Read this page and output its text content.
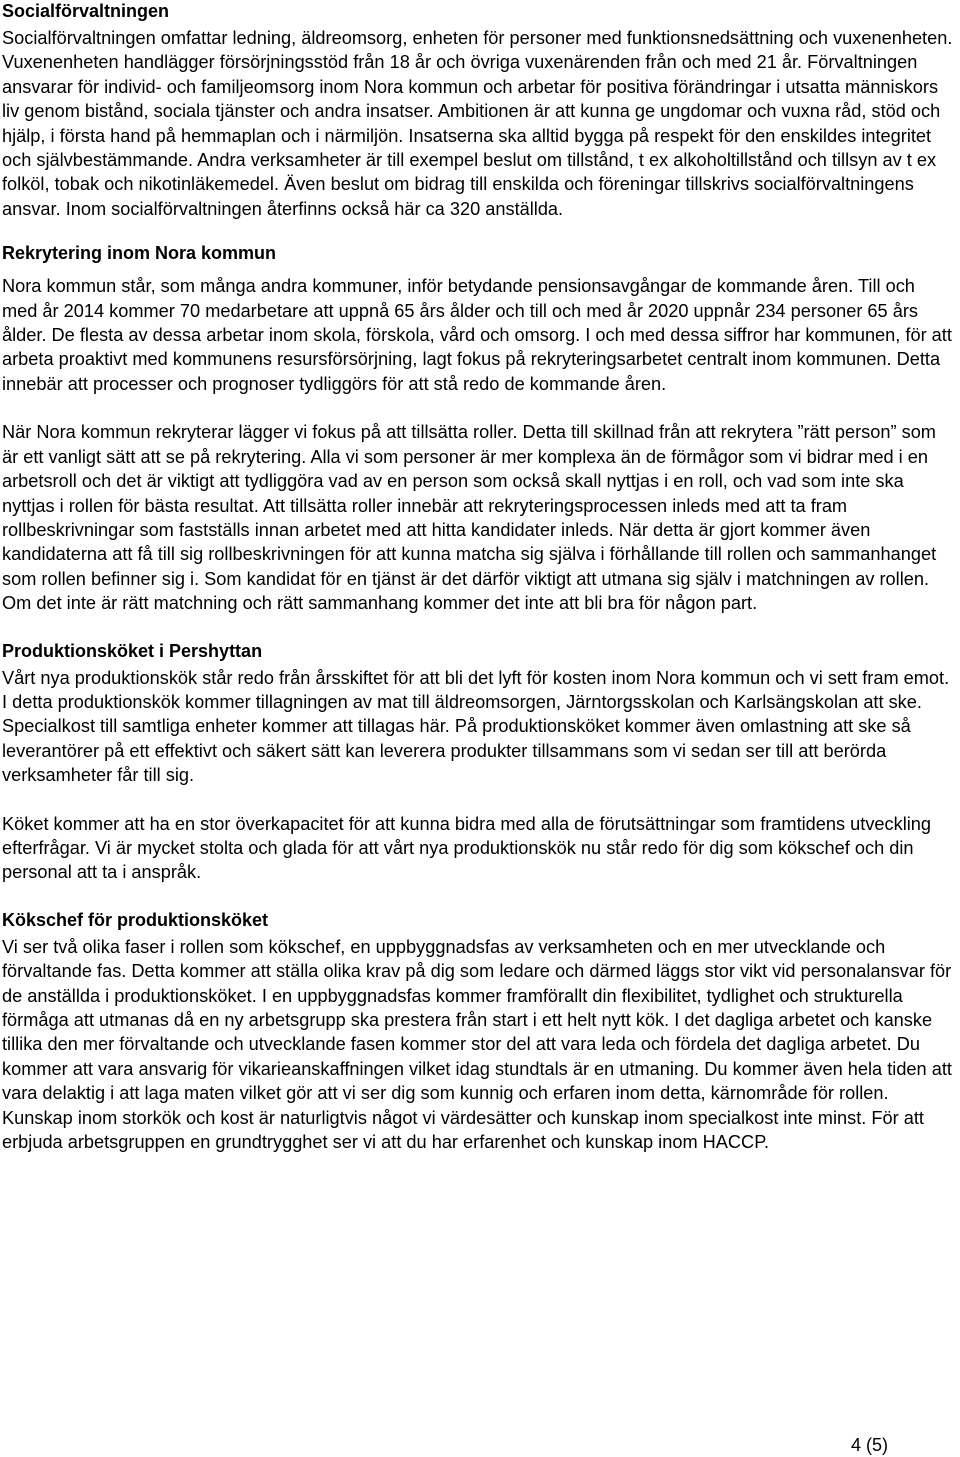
Socialförvaltningen

Socialförvaltningen omfattar ledning, äldreomsorg, enheten för personer med funktionsnedsättning och vuxenenheten. Vuxenenheten handlägger försörjningsstöd från 18 år och övriga vuxenärenden från och med 21 år. Förvaltningen ansvarar för individ- och familjeomsorg inom Nora kommun och arbetar för positiva förändringar i utsatta människors liv genom bistånd, sociala tjänster och andra insatser. Ambitionen är att kunna ge ungdomar och vuxna råd, stöd och hjälp, i första hand på hemmaplan och i närmiljön. Insatserna ska alltid bygga på respekt för den enskildes integritet och självbestämmande. Andra verksamheter är till exempel beslut om tillstånd, t ex alkoholtillstånd och tillsyn av t ex folköl, tobak och nikotinläkemedel. Även beslut om bidrag till enskilda och föreningar tillskrivs socialförvaltningens ansvar. Inom socialförvaltningen återfinns också här ca 320 anställda.

Rekrytering inom Nora kommun

Nora kommun står, som många andra kommuner, inför betydande pensionsavgångar de kommande åren. Till och med år 2014 kommer 70 medarbetare att uppnå 65 års ålder och till och med år 2020 uppnår 234 personer 65 års ålder. De flesta av dessa arbetar inom skola, förskola, vård och omsorg. I och med dessa siffror har kommunen, för att arbeta proaktivt med kommunens resursförsörjning, lagt fokus på rekryteringsarbetet centralt inom kommunen. Detta innebär att processer och prognoser tydliggörs för att stå redo de kommande åren.

När Nora kommun rekryterar lägger vi fokus på att tillsätta roller. Detta till skillnad från att rekrytera ”rätt person” som är ett vanligt sätt att se på rekrytering. Alla vi som personer är mer komplexa än de förmågor som vi bidrar med i en arbetsroll och det är viktigt att tydliggöra vad av en person som också skall nyttjas i en roll, och vad som inte ska nyttjas i rollen för bästa resultat. Att tillsätta roller innebär att rekryteringsprocessen inleds med att ta fram rollbeskrivningar som fastställs innan arbetet med att hitta kandidater inleds. När detta är gjort kommer även kandidaterna att få till sig rollbeskrivningen för att kunna matcha sig själva i förhållande till rollen och sammanhanget som rollen befinner sig i. Som kandidat för en tjänst är det därför viktigt att utmana sig själv i matchningen av rollen. Om det inte är rätt matchning och rätt sammanhang kommer det inte att bli bra för någon part.

Produktionsköket i Pershyttan

Vårt nya produktionskök står redo från årsskiftet för att bli det lyft för kosten inom Nora kommun och vi sett fram emot. I detta produktionskök kommer tillagningen av mat till äldreomsorgen, Järntorgsskolan och Karlsängskolan att ske. Specialkost till samtliga enheter kommer att tillagas här. På produktionsköket kommer även omlastning att ske så leverantörer på ett effektivt och säkert sätt kan leverera produkter tillsammans som vi sedan ser till att berörda verksamheter får till sig.

Köket kommer att ha en stor överkapacitet för att kunna bidra med alla de förutsättningar som framtidens utveckling efterfrågar. Vi är mycket stolta och glada för att vårt nya produktionskök nu står redo för dig som kökschef och din personal att ta i anspråk.

Kökschef för produktionsköket

Vi ser två olika faser i rollen som kökschef, en uppbyggnadsfas av verksamheten och en mer utvecklande och förvaltande fas. Detta kommer att ställa olika krav på dig som ledare och därmed läggs stor vikt vid personalansvar för de anställda i produktionsköket. I en uppbyggnadsfas kommer framförallt din flexibilitet, tydlighet och strukturella förmåga att utmanas då en ny arbetsgrupp ska prestera från start i ett helt nytt kök. I det dagliga arbetet och kanske tillika den mer förvaltande och utvecklande fasen kommer stor del att vara leda och fördela det dagliga arbetet. Du kommer att vara ansvarig för vikarieanskaffningen vilket idag stundtals är en utmaning. Du kommer även hela tiden att vara delaktig i att laga maten vilket gör att vi ser dig som kunnig och erfaren inom detta, kärnområde för rollen. Kunskap inom storkök och kost är naturligtvis något vi värdesätter och kunskap inom specialkost inte minst. För att erbjuda arbetsgruppen en grundtrygghet ser vi att du har erfarenhet och kunskap inom HACCP.

4 (5)
